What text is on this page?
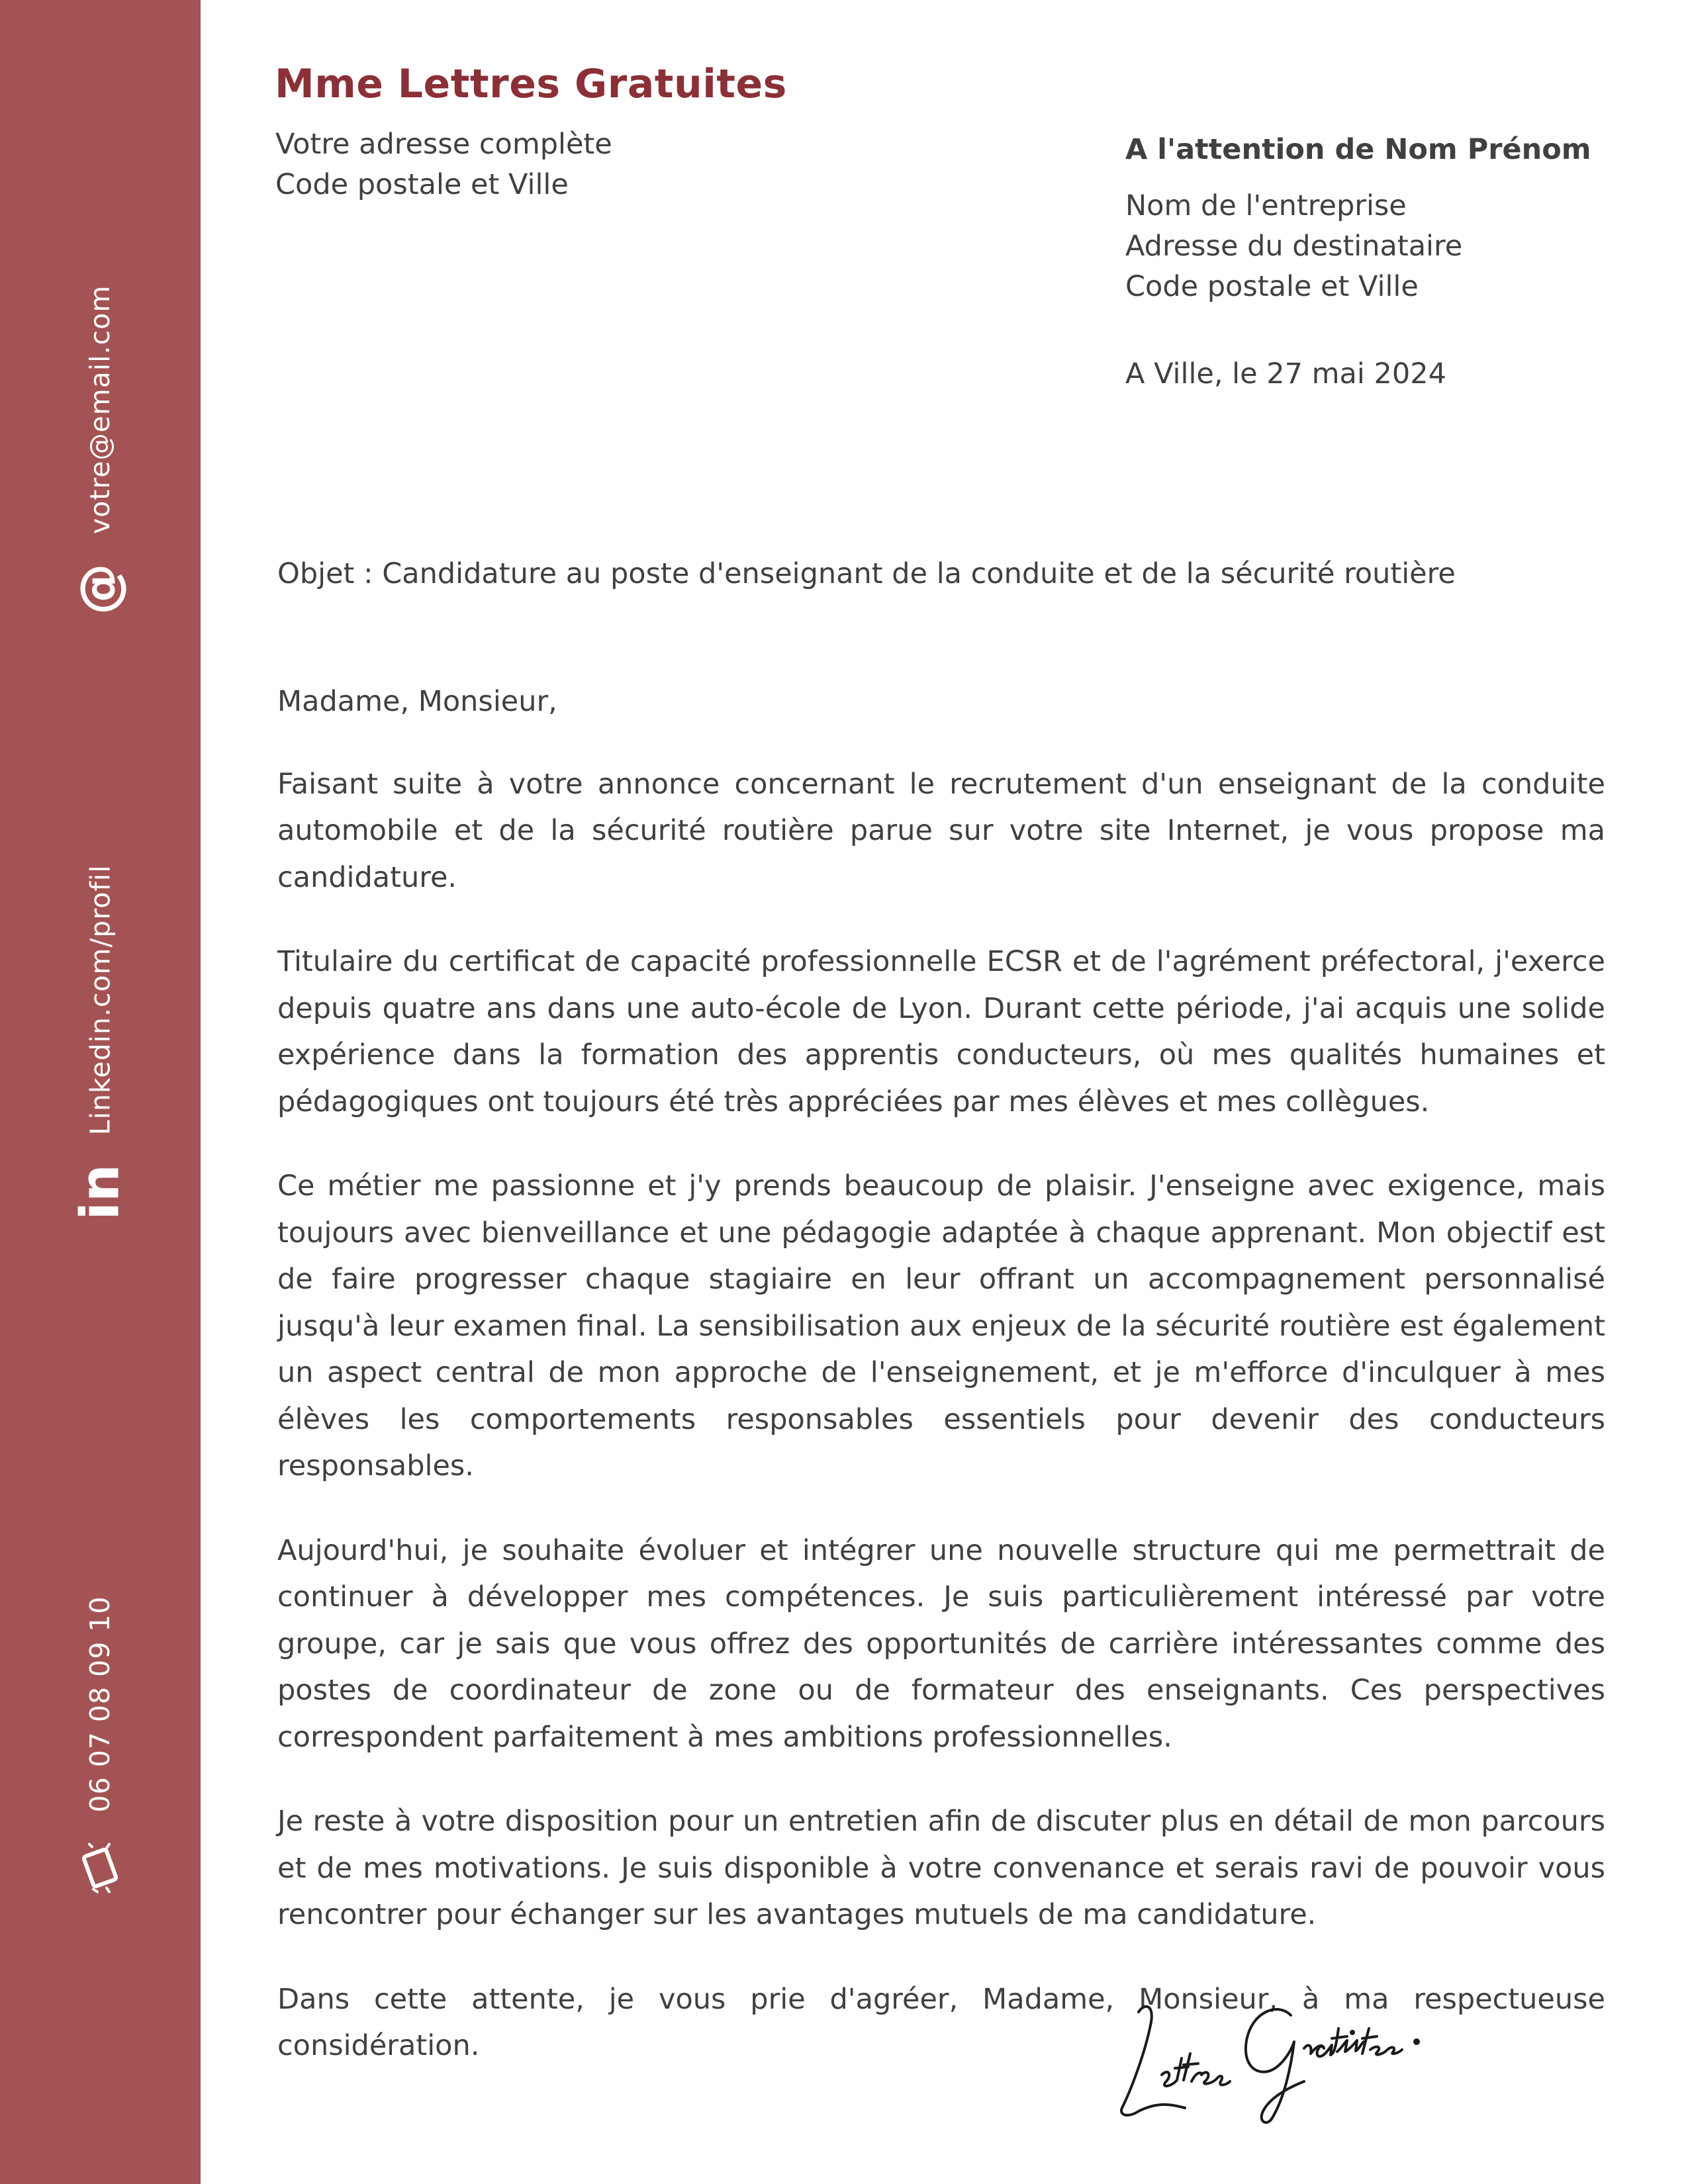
@
votre@email.com
in
Linkedin.com/profil
06 07 08 09 10
Mme Lettres Gratuites
Votre adresse complète
Code postale et Ville
A l'attention de Nom Prénom
Nom de l'entreprise
Adresse du destinataire
Code postale et Ville
A Ville, le 27 mai 2024
Objet : Candidature au poste d'enseignant de la conduite et de la sécurité routière

Madame, Monsieur,

Faisant suite à votre annonce concernant le recrutement d'un enseignant de la conduite automobile et de la sécurité routière parue sur votre site Internet, je vous propose ma candidature.

Titulaire du certificat de capacité professionnelle ECSR et de l'agrément préfectoral, j'exerce depuis quatre ans dans une auto-école de Lyon. Durant cette période, j'ai acquis une solide expérience dans la formation des apprentis conducteurs, où mes qualités humaines et pédagogiques ont toujours été très appréciées par mes élèves et mes collègues.

Ce métier me passionne et j'y prends beaucoup de plaisir. J'enseigne avec exigence, mais toujours avec bienveillance et une pédagogie adaptée à chaque apprenant. Mon objectif est de faire progresser chaque stagiaire en leur offrant un accompagnement personnalisé jusqu'à leur examen final. La sensibilisation aux enjeux de la sécurité routière est également un aspect central de mon approche de l'enseignement, et je m'efforce d'inculquer à mes élèves les comportements responsables essentiels pour devenir des conducteurs responsables.

Aujourd'hui, je souhaite évoluer et intégrer une nouvelle structure qui me permettrait de continuer à développer mes compétences. Je suis particulièrement intéressé par votre groupe, car je sais que vous offrez des opportunités de carrière intéressantes comme des postes de coordinateur de zone ou de formateur des enseignants. Ces perspectives correspondent parfaitement à mes ambitions professionnelles.

Je reste à votre disposition pour un entretien afin de discuter plus en détail de mon parcours et de mes motivations. Je suis disponible à votre convenance et serais ravi de pouvoir vous rencontrer pour échanger sur les avantages mutuels de ma candidature.

Dans cette attente, je vous prie d'agréer, Madame, Monsieur, à ma respectueuse considération.
